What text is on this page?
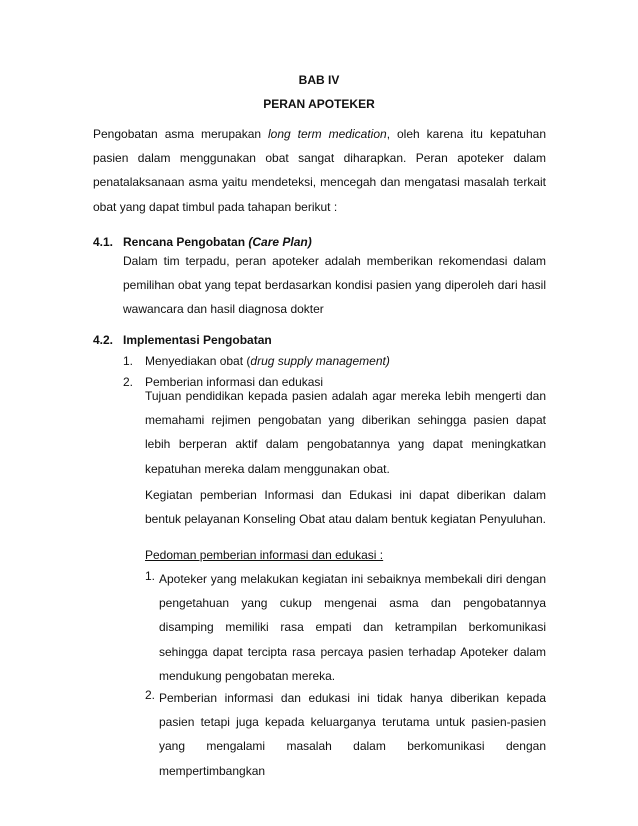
BAB IV
PERAN APOTEKER
Pengobatan asma merupakan long term medication, oleh karena itu kepatuhan pasien dalam menggunakan obat sangat diharapkan. Peran apoteker dalam penatalaksanaan asma yaitu mendeteksi, mencegah dan mengatasi masalah terkait obat yang dapat timbul pada tahapan berikut :
4.1. Rencana Pengobatan (Care Plan)
Dalam tim terpadu, peran apoteker adalah memberikan rekomendasi dalam pemilihan obat yang tepat berdasarkan kondisi pasien yang diperoleh dari hasil wawancara dan hasil diagnosa dokter
4.2. Implementasi Pengobatan
1. Menyediakan obat (drug supply management)
2. Pemberian informasi dan edukasi
Tujuan pendidikan kepada pasien adalah agar mereka lebih mengerti dan memahami rejimen pengobatan yang diberikan sehingga pasien dapat lebih berperan aktif dalam pengobatannya yang dapat meningkatkan kepatuhan mereka dalam menggunakan obat.
Kegiatan pemberian Informasi dan Edukasi ini dapat diberikan dalam bentuk pelayanan Konseling Obat atau dalam bentuk kegiatan Penyuluhan.
Pedoman pemberian informasi dan edukasi :
1. Apoteker yang melakukan kegiatan ini sebaiknya membekali diri dengan pengetahuan yang cukup mengenai asma dan pengobatannya disamping memiliki rasa empati dan ketrampilan berkomunikasi sehingga dapat tercipta rasa percaya pasien terhadap Apoteker dalam mendukung pengobatan mereka.
2. Pemberian informasi dan edukasi ini tidak hanya diberikan kepada pasien tetapi juga kepada keluarganya terutama untuk pasien-pasien yang mengalami masalah dalam berkomunikasi dengan mempertimbangkan
